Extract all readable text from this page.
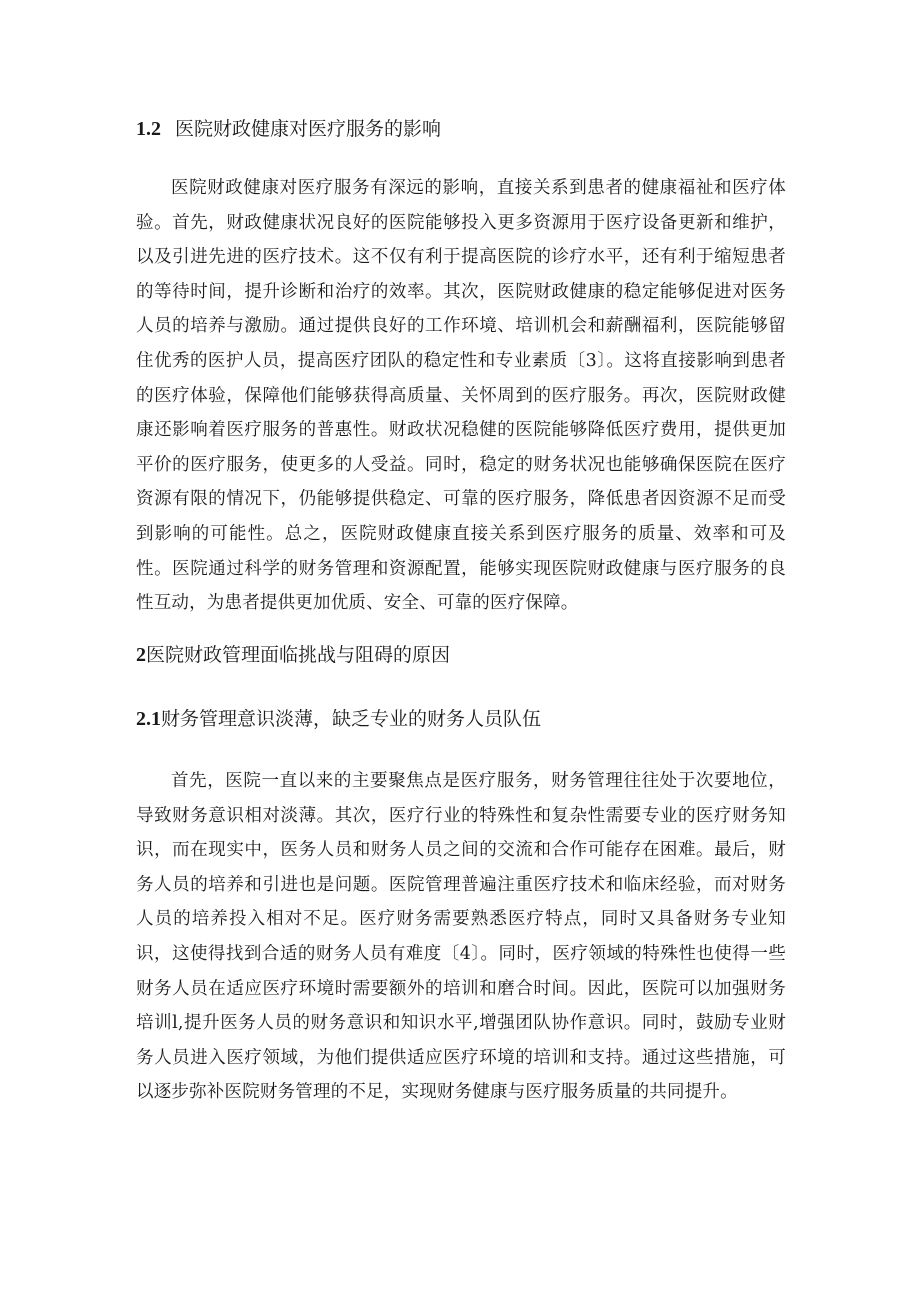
1.2 医院财政健康对医疗服务的影响

医院财政健康对医疗服务有深远的影响，直接关系到患者的健康福祉和医疗体验。首先，财政健康状况良好的医院能够投入更多资源用于医疗设备更新和维护，以及引进先进的医疗技术。这不仅有利于提高医院的诊疗水平，还有利于缩短患者的等待时间，提升诊断和治疗的效率。其次，医院财政健康的稳定能够促进对医务人员的培养与激励。通过提供良好的工作环境、培训机会和薪酬福利，医院能够留住优秀的医护人员，提高医疗团队的稳定性和专业素质〔3〕。这将直接影响到患者的医疗体验，保障他们能够获得高质量、关怀周到的医疗服务。再次，医院财政健康还影响着医疗服务的普惠性。财政状况稳健的医院能够降低医疗费用，提供更加平价的医疗服务，使更多的人受益。同时，稳定的财务状况也能够确保医院在医疗资源有限的情况下，仍能够提供稳定、可靠的医疗服务，降低患者因资源不足而受到影响的可能性。总之，医院财政健康直接关系到医疗服务的质量、效率和可及性。医院通过科学的财务管理和资源配置，能够实现医院财政健康与医疗服务的良性互动，为患者提供更加优质、安全、可靠的医疗保障。

2医院财政管理面临挑战与阻碍的原因
2.1财务管理意识淡薄，缺乏专业的财务人员队伍

首先，医院一直以来的主要聚焦点是医疗服务，财务管理往往处于次要地位，导致财务意识相对淡薄。其次，医疗行业的特殊性和复杂性需要专业的医疗财务知识，而在现实中，医务人员和财务人员之间的交流和合作可能存在困难。最后，财务人员的培养和引进也是问题。医院管理普遍注重医疗技术和临床经验，而对财务人员的培养投入相对不足。医疗财务需要熟悉医疗特点，同时又具备财务专业知识，这使得找到合适的财务人员有难度〔4〕。同时，医疗领域的特殊性也使得一些财务人员在适应医疗环境时需要额外的培训和磨合时间。因此，医院可以加强财务培训l,提升医务人员的财务意识和知识水平,增强团队协作意识。同时，鼓励专业财务人员进入医疗领域，为他们提供适应医疗环境的培训和支持。通过这些措施，可以逐步弥补医院财务管理的不足，实现财务健康与医疗服务质量的共同提升。
